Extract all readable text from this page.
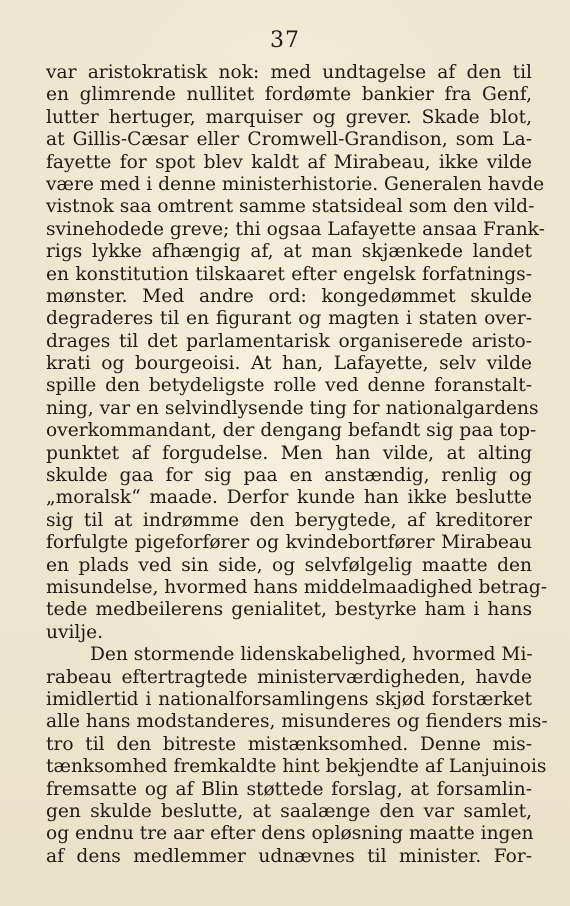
37
var aristokratisk nok: med undtagelse af den til
en glimrende nullitet fordømte bankier fra Genf,
lutter hertuger, marquiser og grever. Skade blot,
at Gillis-Cæsar eller Cromwell-Grandison, som La-
fayette for spot blev kaldt af Mirabeau, ikke vilde
være med i denne ministerhistorie. Generalen havde
vistnok saa omtrent samme statsideal som den vild-
svinehodede greve; thi ogsaa Lafayette ansaa Frank-
rigs lykke afhængig af, at man skjænkede landet
en konstitution tilskaaret efter engelsk forfatnings-
mønster. Med andre ord: kongedømmet skulde
degraderes til en figurant og magten i staten over-
drages til det parlamentarisk organiserede aristo-
krati og bourgeoisi. At han, Lafayette, selv vilde
spille den betydeligste rolle ved denne foranstalt-
ning, var en selvindlysende ting for nationalgardens
overkommandant, der dengang befandt sig paa top-
punktet af forgudelse. Men han vilde, at alting
skulde gaa for sig paa en anstændig, renlig og
„moralsk“ maade. Derfor kunde han ikke beslutte
sig til at indrømme den berygtede, af kreditorer
forfulgte pigeforfører og kvindebortfører Mirabeau
en plads ved sin side, og selvfølgelig maatte den
misundelse, hvormed hans middelmaadighed betrag-
tede medbeilerens genialitet, bestyrke ham i hans
uvilje.
Den stormende lidenskabelighed, hvormed Mi-
rabeau eftertragtede ministerværdigheden, havde
imidlertid i nationalforsamlingens skjød forstærket
alle hans modstanderes, misunderes og fienders mis-
tro til den bitreste mistænksomhed. Denne mis-
tænksomhed fremkaldte hint bekjendte af Lanjuinois
fremsatte og af Blin støttede forslag, at forsamlin-
gen skulde beslutte, at saalænge den var samlet,
og endnu tre aar efter dens opløsning maatte ingen
af dens medlemmer udnævnes til minister. For-
